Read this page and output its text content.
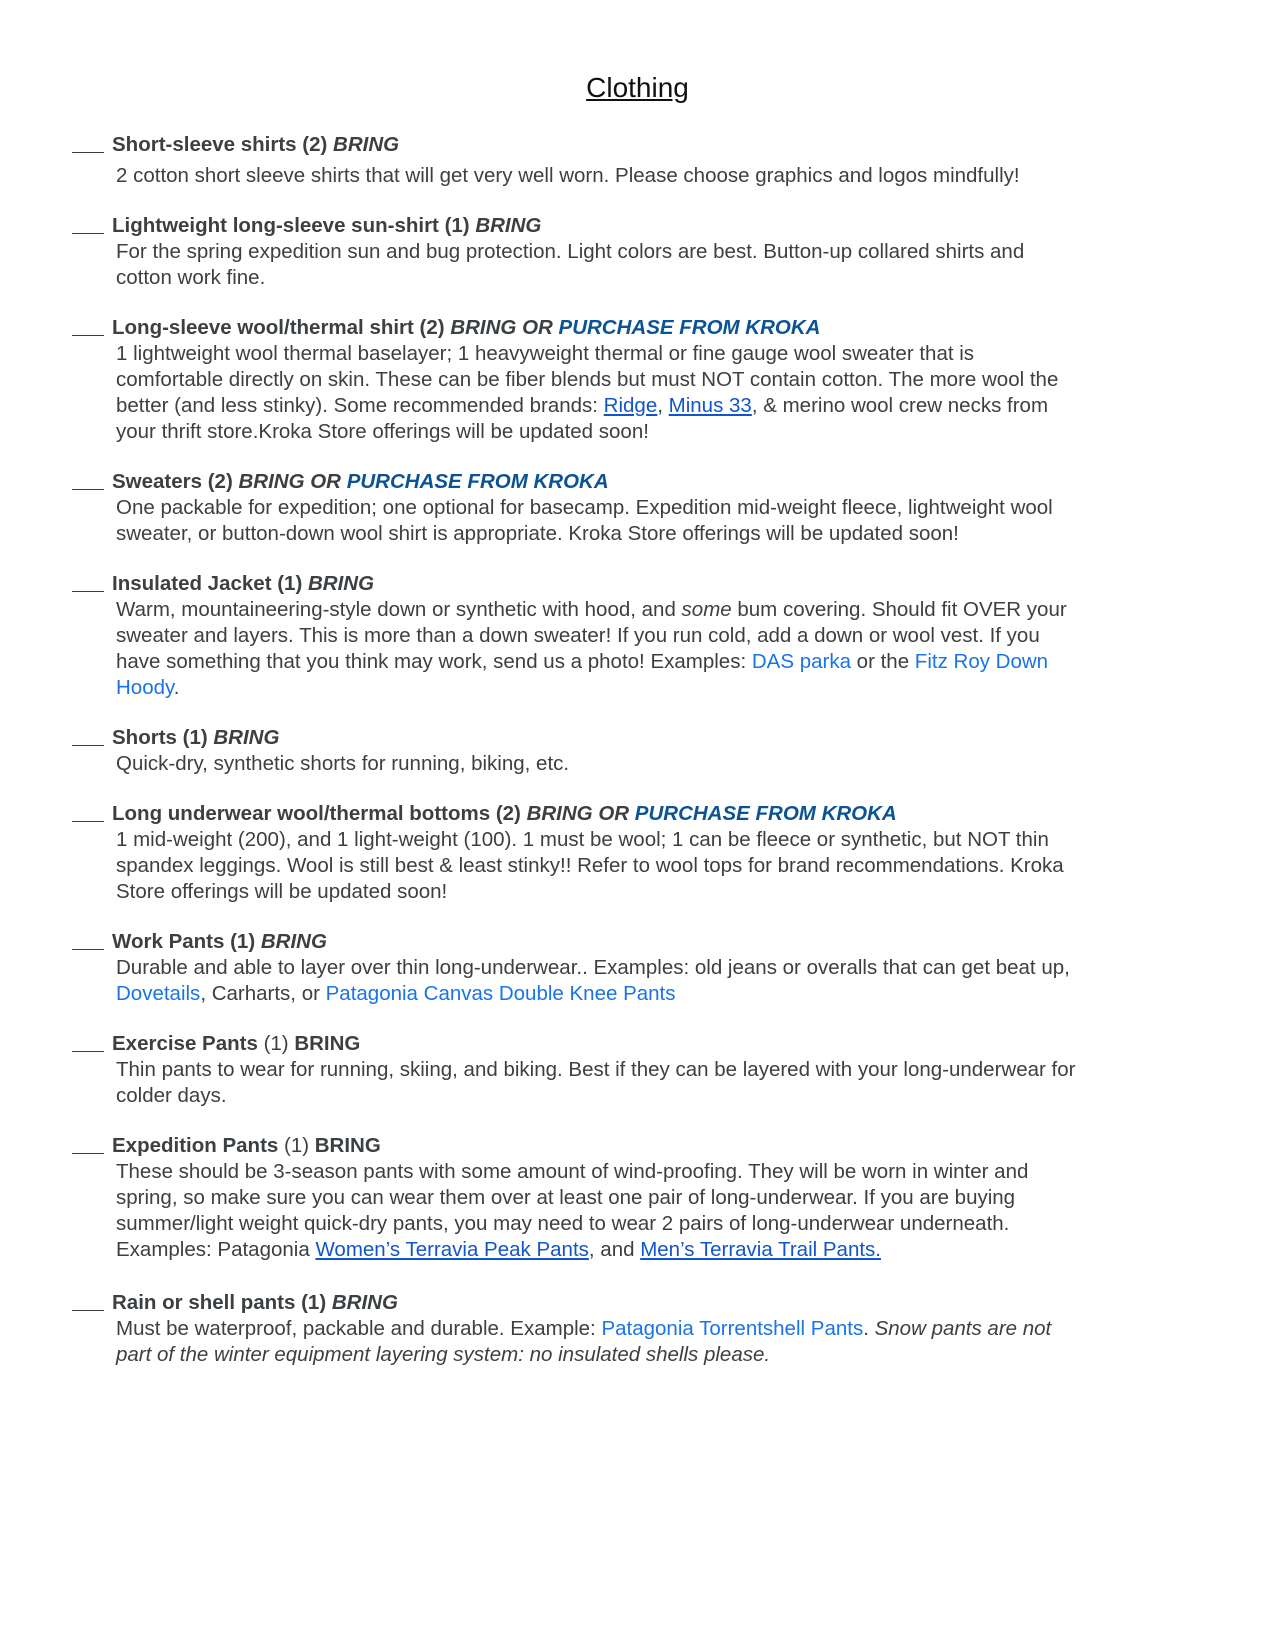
Clothing
Short-sleeve shirts (2) BRING
2 cotton short sleeve shirts that will get very well worn. Please choose graphics and logos mindfully!
Lightweight long-sleeve sun-shirt (1) BRING
For the spring expedition sun and bug protection. Light colors are best. Button-up collared shirts and
cotton work fine.
Long-sleeve wool/thermal shirt (2) BRING OR PURCHASE FROM KROKA
1 lightweight wool thermal baselayer; 1 heavyweight thermal or fine gauge wool sweater that is
comfortable directly on skin. These can be fiber blends but must NOT contain cotton. The more wool the
better (and less stinky). Some recommended brands: Ridge, Minus 33, & merino wool crew necks from
your thrift store.Kroka Store offerings will be updated soon!
Sweaters (2) BRING OR PURCHASE FROM KROKA
One packable for expedition; one optional for basecamp. Expedition mid-weight fleece, lightweight wool
sweater, or button-down wool shirt is appropriate. Kroka Store offerings will be updated soon!
Insulated Jacket (1) BRING
Warm, mountaineering-style down or synthetic with hood, and some bum covering. Should fit OVER your
sweater and layers. This is more than a down sweater! If you run cold, add a down or wool vest. If you
have something that you think may work, send us a photo! Examples: DAS parka or the Fitz Roy Down
Hoody.
Shorts (1) BRING
Quick-dry, synthetic shorts for running, biking, etc.
Long underwear wool/thermal bottoms (2) BRING OR PURCHASE FROM KROKA
1 mid-weight (200), and 1 light-weight (100). 1 must be wool; 1 can be fleece or synthetic, but NOT thin
spandex leggings. Wool is still best & least stinky!! Refer to wool tops for brand recommendations. Kroka
Store offerings will be updated soon!
Work Pants (1) BRING
Durable and able to layer over thin long-underwear.. Examples: old jeans or overalls that can get beat up,
Dovetails, Carharts, or Patagonia Canvas Double Knee Pants
Exercise Pants (1) BRING
Thin pants to wear for running, skiing, and biking. Best if they can be layered with your long-underwear for
colder days.
Expedition Pants (1) BRING
These should be 3-season pants with some amount of wind-proofing. They will be worn in winter and
spring, so make sure you can wear them over at least one pair of long-underwear. If you are buying
summer/light weight quick-dry pants, you may need to wear 2 pairs of long-underwear underneath.
Examples: Patagonia Women’s Terravia Peak Pants, and Men’s Terravia Trail Pants.
Rain or shell pants (1) BRING
Must be waterproof, packable and durable. Example: Patagonia Torrentshell Pants. Snow pants are not
part of the winter equipment layering system: no insulated shells please.
